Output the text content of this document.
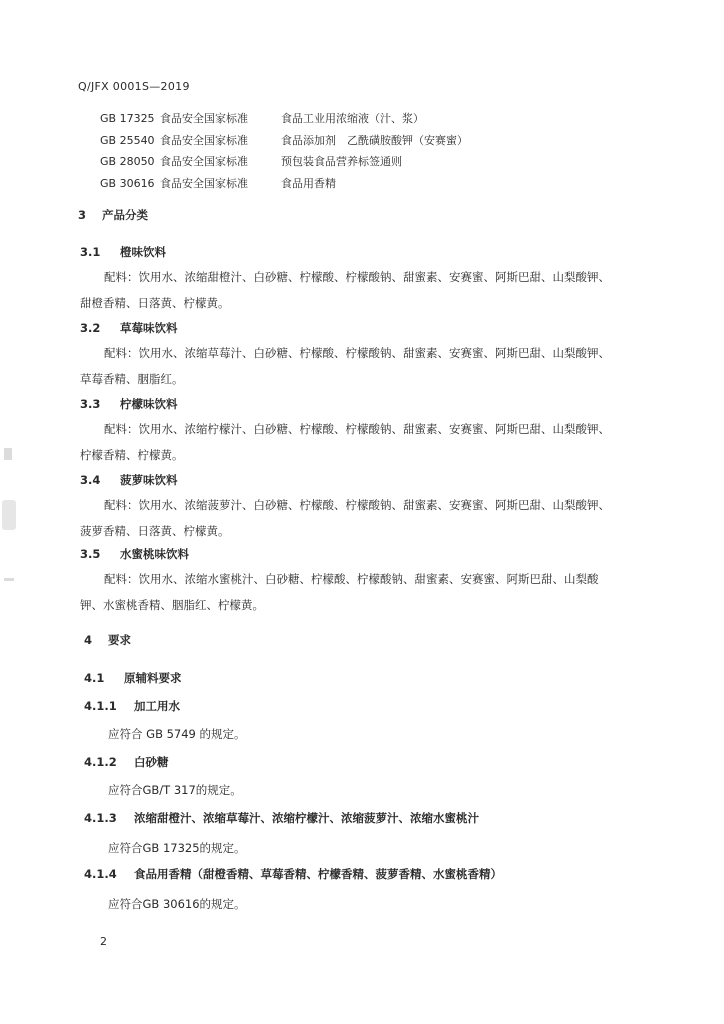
Q/JFX 0001S—2019
GB 17325 食品安全国家标准	食品工业用浓缩液（汁、浆）
GB 25540 食品安全国家标准	食品添加剂　乙酰磺胺酸钾（安赛蜜）
GB 28050 食品安全国家标准	预包装食品营养标签通则
GB 30616 食品安全国家标准	食品用香精
3 产品分类
3.1 橙味饮料
配料：饮用水、浓缩甜橙汁、白砂糖、柠檬酸、柠檬酸钠、甜蜜素、安赛蜜、阿斯巴甜、山梨酸钾、
甜橙香精、日落黄、柠檬黄。
3.2 草莓味饮料
配料：饮用水、浓缩草莓汁、白砂糖、柠檬酸、柠檬酸钠、甜蜜素、安赛蜜、阿斯巴甜、山梨酸钾、
草莓香精、胭脂红。
3.3 柠檬味饮料
配料：饮用水、浓缩柠檬汁、白砂糖、柠檬酸、柠檬酸钠、甜蜜素、安赛蜜、阿斯巴甜、山梨酸钾、
柠檬香精、柠檬黄。
3.4 菠萝味饮料
配料：饮用水、浓缩菠萝汁、白砂糖、柠檬酸、柠檬酸钠、甜蜜素、安赛蜜、阿斯巴甜、山梨酸钾、
菠萝香精、日落黄、柠檬黄。
3.5 水蜜桃味饮料
配料：饮用水、浓缩水蜜桃汁、白砂糖、柠檬酸、柠檬酸钠、甜蜜素、安赛蜜、阿斯巴甜、山梨酸
钾、水蜜桃香精、胭脂红、柠檬黄。
4 要求
4.1 原辅料要求
4.1.1 加工用水
应符合 GB 5749 的规定。
4.1.2 白砂糖
应符合GB/T 317的规定。
4.1.3 浓缩甜橙汁、浓缩草莓汁、浓缩柠檬汁、浓缩菠萝汁、浓缩水蜜桃汁
应符合GB 17325的规定。
4.1.4 食品用香精（甜橙香精、草莓香精、柠檬香精、菠萝香精、水蜜桃香精）
应符合GB 30616的规定。
2
